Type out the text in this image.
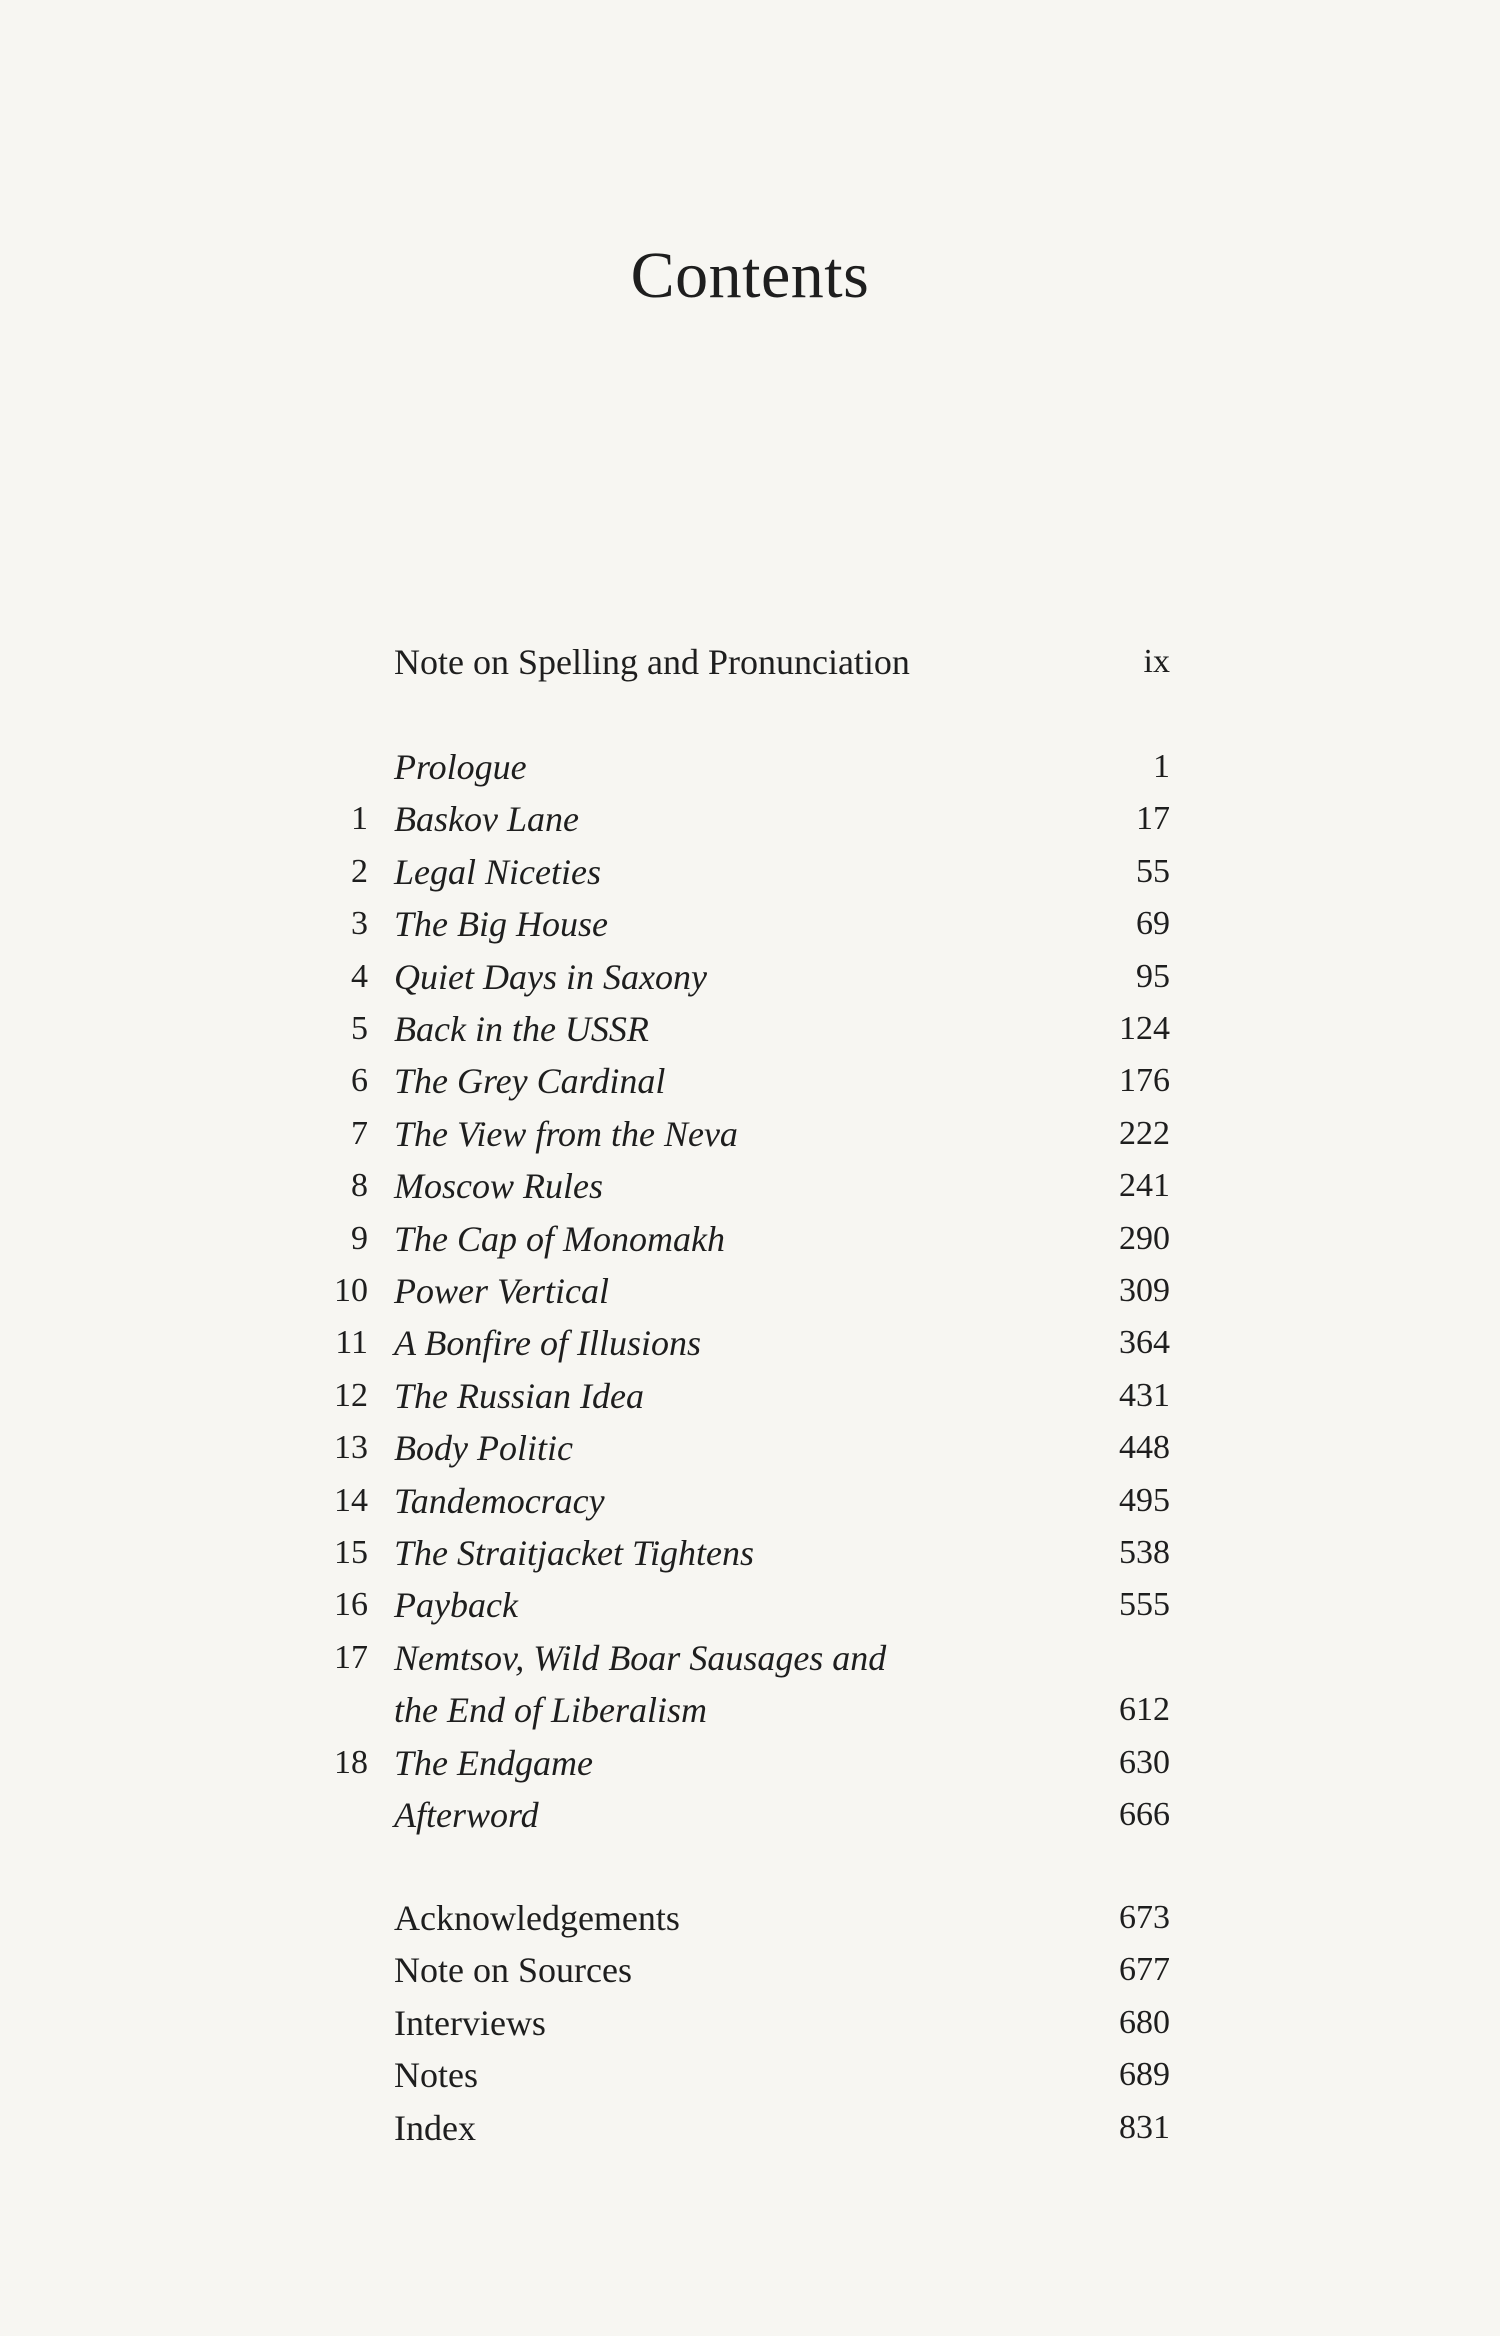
Contents
Note on Spelling and Pronunciation	ix
Prologue	1
1 Baskov Lane	17
2 Legal Niceties	55
3 The Big House	69
4 Quiet Days in Saxony	95
5 Back in the USSR	124
6 The Grey Cardinal	176
7 The View from the Neva	222
8 Moscow Rules	241
9 The Cap of Monomakh	290
10 Power Vertical	309
11 A Bonfire of Illusions	364
12 The Russian Idea	431
13 Body Politic	448
14 Tandemocracy	495
15 The Straitjacket Tightens	538
16 Payback	555
17 Nemtsov, Wild Boar Sausages and
the End of Liberalism	612
18 The Endgame	630
Afterword	666
Acknowledgements	673
Note on Sources	677
Interviews	680
Notes	689
Index	831
